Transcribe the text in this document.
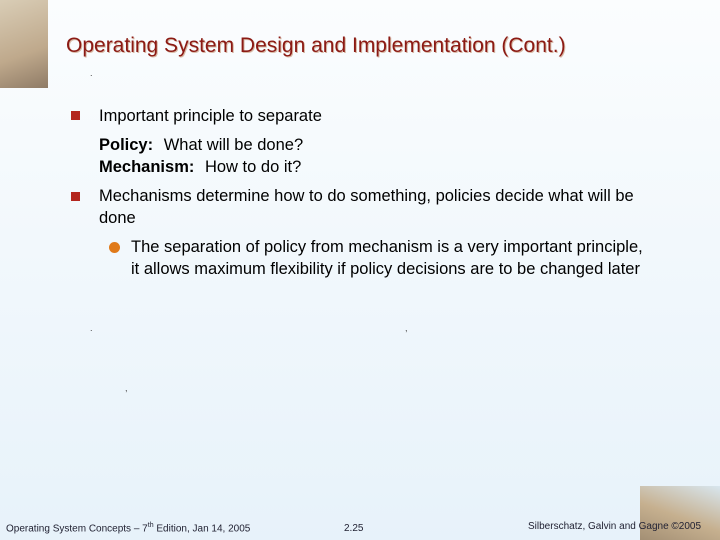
Operating System Design and Implementation (Cont.)
.
Important principle to separate
Policy: What will be done?
Mechanism: How to do it?
Mechanisms determine how to do something, policies decide what will be done
The separation of policy from mechanism is a very important principle, it allows maximum flexibility if policy decisions are to be changed later
.	,
,
Operating System Concepts – 7th Edition, Jan 14, 2005	2.25	Silberschatz, Galvin and Gagne ©2005
